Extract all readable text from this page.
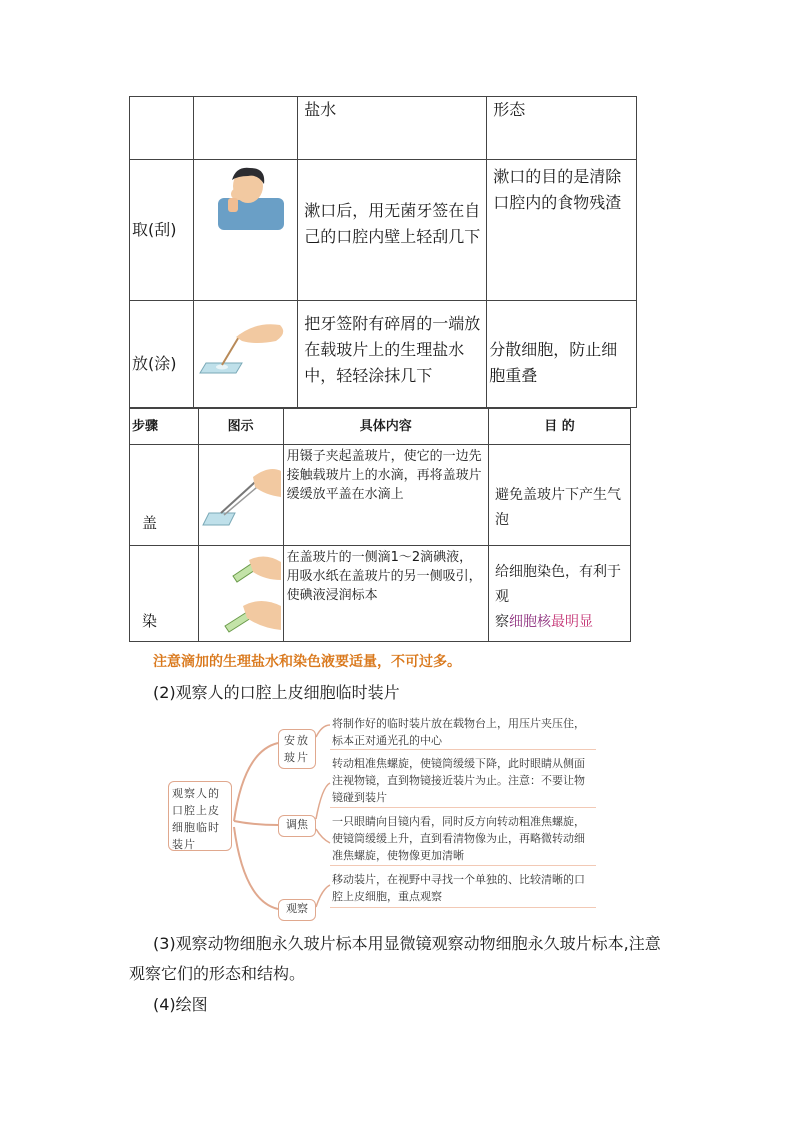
		盐水	形态
取(刮)		漱口后，用无菌牙签在自己的口腔内壁上轻刮几下	漱口的目的是清除口腔内的食物残渣
放(涂)		把牙签附有碎屑的一端放在载玻片上的生理盐水中，轻轻涂抹几下	分散细胞，防止细胞重叠
步骤	图示	具体内容	目 的
盖		用镊子夹起盖玻片，使它的一边先接触载玻片上的水滴，再将盖玻片缓缓放平盖在水滴上	避免盖玻片下产生气泡
染		在盖玻片的一侧滴1～2滴碘液，用吸水纸在盖玻片的另一侧吸引，使碘液浸润标本	给细胞染色，有利于观
察细胞核最明显
注意滴加的生理盐水和染色液要适量，不可过多。
(2)观察人的口腔上皮细胞临时装片
观察人的口腔上皮细胞临时装片
安放玻片
调焦
观察
将制作好的临时装片放在载物台上，用压片夹压住，标本正对通光孔的中心
转动粗准焦螺旋，使镜筒缓缓下降，此时眼睛从侧面注视物镜，直到物镜接近装片为止。注意：不要让物镜碰到装片
一只眼睛向目镜内看，同时反方向转动粗准焦螺旋，使镜筒缓缓上升，直到看清物像为止，再略微转动细准焦螺旋，使物像更加清晰
移动装片，在视野中寻找一个单独的、比较清晰的口腔上皮细胞，重点观察
(3)观察动物细胞永久玻片标本用显微镜观察动物细胞永久玻片标本,注意观察它们的形态和结构。
(4)绘图
